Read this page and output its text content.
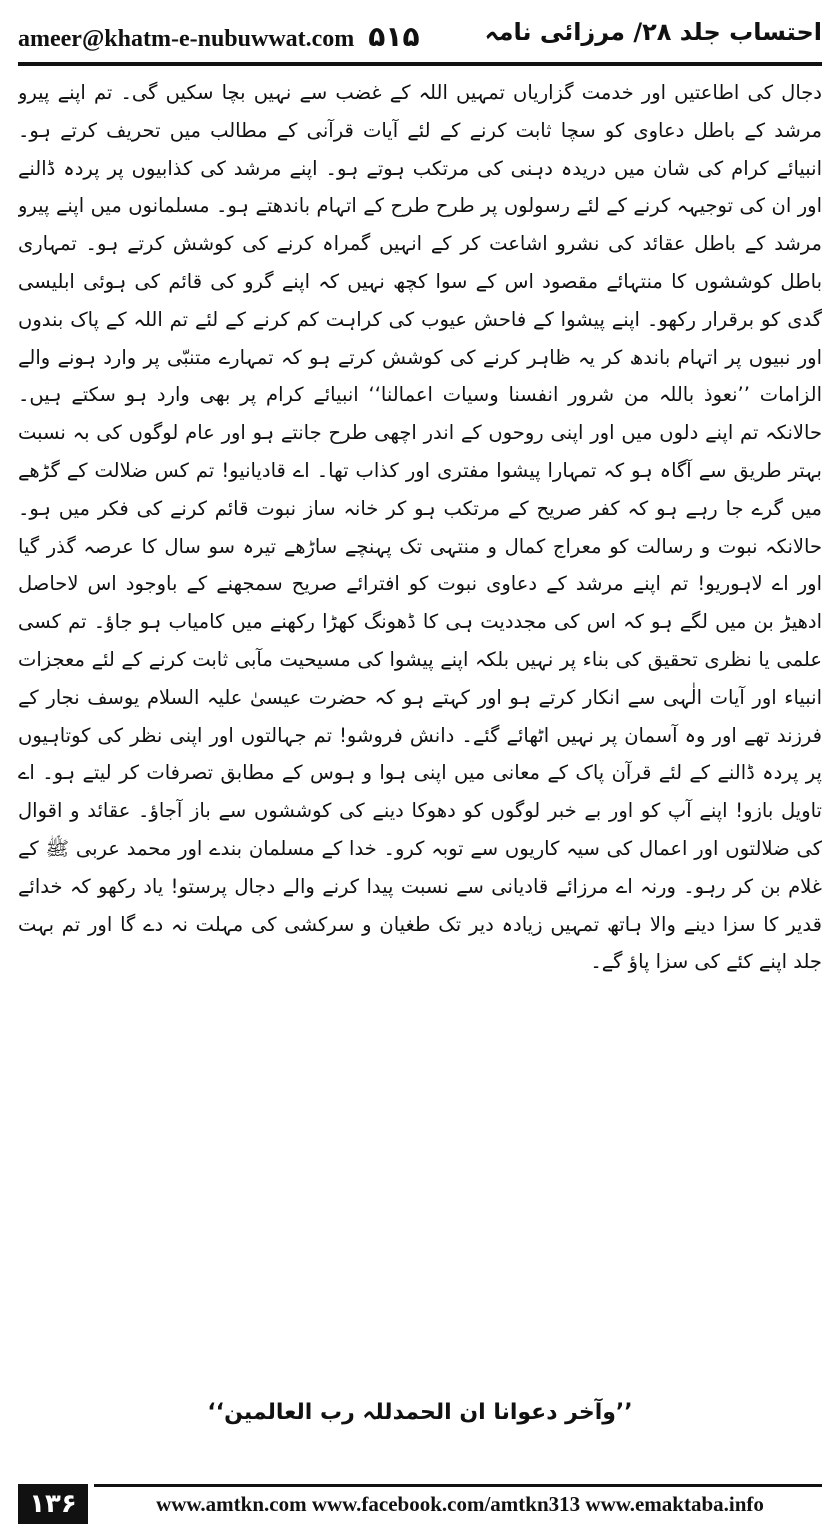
ameer@khatm-e-nubuwwat.com ۵۱۵	احتساب جلد ۲۸/ مرزائی نامہ

دجال کی اطاعتیں اور خدمت گزاریاں تمہیں اللہ کے غضب سے نہیں بچا سکیں گی۔ تم اپنے پیرو مرشد کے باطل دعاوی کو سچا ثابت کرنے کے لئے آیات قرآنی کے مطالب میں تحریف کرتے ہو۔ انبیائے کرام کی شان میں دریدہ دہنی کی مرتکب ہوتے ہو۔ اپنے مرشد کی کذابیوں پر پردہ ڈالنے اور ان کی توجیہہ کرنے کے لئے رسولوں پر طرح طرح کے اتہام باندھتے ہو۔ مسلمانوں میں اپنے پیرو مرشد کے باطل عقائد کی نشرو اشاعت کر کے انہیں گمراہ کرنے کی کوشش کرتے ہو۔ تمہاری باطل کوششوں کا منتہائے مقصود اس کے سوا کچھ نہیں کہ اپنے گرو کی قائم کی ہوئی ابلیسی گدی کو برقرار رکھو۔ اپنے پیشوا کے فاحش عیوب کی کراہت کم کرنے کے لئے تم اللہ کے پاک بندوں اور نبیوں پر اتہام باندھ کر یہ ظاہر کرنے کی کوشش کرتے ہو کہ تمہارے متنبّی پر وارد ہونے والے الزامات ’’نعوذ باللہ من شرور انفسنا وسیات اعمالنا‘‘ انبیائے کرام پر بھی وارد ہو سکتے ہیں۔ حالانکہ تم اپنے دلوں میں اور اپنی روحوں کے اندر اچھی طرح جانتے ہو اور عام لوگوں کی بہ نسبت بہتر طریق سے آگاہ ہو کہ تمہارا پیشوا مفتری اور کذاب تھا۔ اے قادیانیو! تم کس ضلالت کے گڑھے میں گرے جا رہے ہو کہ کفر صریح کے مرتکب ہو کر خانہ ساز نبوت قائم کرنے کی فکر میں ہو۔ حالانکہ نبوت و رسالت کو معراج کمال و منتہی تک پہنچے ساڑھے تیرہ سو سال کا عرصہ گذر گیا اور اے لاہوریو! تم اپنے مرشد کے دعاوی نبوت کو افترائے صریح سمجھنے کے باوجود اس لاحاصل ادھیڑ بن میں لگے ہو کہ اس کی مجددیت ہی کا ڈھونگ کھڑا رکھنے میں کامیاب ہو جاؤ۔ تم کسی علمی یا نظری تحقیق کی بناء پر نہیں بلکہ اپنے پیشوا کی مسیحیت مآبی ثابت کرنے کے لئے معجزات انبیاء اور آیات الٰہی سے انکار کرتے ہو اور کہتے ہو کہ حضرت عیسیٰ علیہ السلام یوسف نجار کے فرزند تھے اور وہ آسمان پر نہیں اٹھائے گئے۔ دانش فروشو! تم جہالتوں اور اپنی نظر کی کوتاہیوں پر پردہ ڈالنے کے لئے قرآن پاک کے معانی میں اپنی ہوا و ہوس کے مطابق تصرفات کر لیتے ہو۔ اے تاویل بازو! اپنے آپ کو اور بے خبر لوگوں کو دھوکا دینے کی کوششوں سے باز آجاؤ۔ عقائد و اقوال کی ضلالتوں اور اعمال کی سیہ کاریوں سے توبہ کرو۔ خدا کے مسلمان بندے اور محمد عربی ﷺ کے غلام بن کر رہو۔ ورنہ اے مرزائے قادیانی سے نسبت پیدا کرنے والے دجال پرستو! یاد رکھو کہ خدائے قدیر کا سزا دینے والا ہاتھ تمہیں زیادہ دیر تک طغیان و سرکشی کی مہلت نہ دے گا اور تم بہت جلد اپنے کئے کی سزا پاؤ گے۔

’’وآخر دعوانا ان الحمدللہ رب العالمین‘‘
۱۳۶	www.amtkn.com www.facebook.com/amtkn313 www.emaktaba.info
